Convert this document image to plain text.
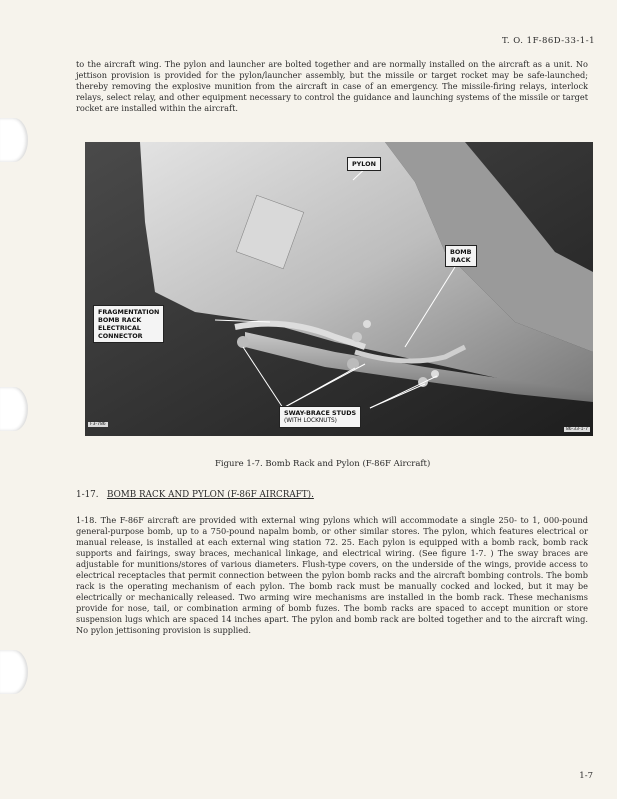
T. O. 1F-86D-33-1-1

to the aircraft wing. The pylon and launcher are bolted together and are normally installed on the aircraft as a unit. No jettison provision is provided for the pylon/launcher assembly, but the missile or target rocket may be safe-launched; thereby removing the explosive munition from the aircraft in case of an emergency. The missile-firing relays, interlock relays, select relay, and other equipment necessary to control the guidance and launching systems of the missile or target rocket are installed within the aircraft.

PYLON
BOMB
RACK
FRAGMENTATION
BOMB RACK
ELECTRICAL
CONNECTOR
SWAY-BRACE STUDS
(WITH LOCKNUTS)
F3-786
86-33-1-7
Figure 1-7. Bomb Rack and Pylon (F-86F Aircraft)
1-17. BOMB RACK AND PYLON (F-86F AIRCRAFT).

1-18. The F-86F aircraft are provided with external wing pylons which will accommodate a single 250- to 1, 000-pound general-purpose bomb, up to a 750-pound napalm bomb, or other similar stores. The pylon, which features electrical or manual release, is installed at each external wing station 72. 25. Each pylon is equipped with a bomb rack, bomb rack supports and fairings, sway braces, mechanical linkage, and electrical wiring. (See figure 1-7. ) The sway braces are adjustable for munitions/stores of various diameters. Flush-type covers, on the underside of the wings, provide access to electrical receptacles that permit connection between the pylon bomb racks and the aircraft bombing controls. The bomb rack is the operating mechanism of each pylon. The bomb rack must be manually cocked and locked, but it may be electrically or mechanically released. Two arming wire mechanisms are installed in the bomb rack. These mechanisms provide for nose, tail, or combination arming of bomb fuzes. The bomb racks are spaced to accept munition or store suspension lugs which are spaced 14 inches apart. The pylon and bomb rack are bolted together and to the aircraft wing. No pylon jettisoning provision is supplied.

1-7
